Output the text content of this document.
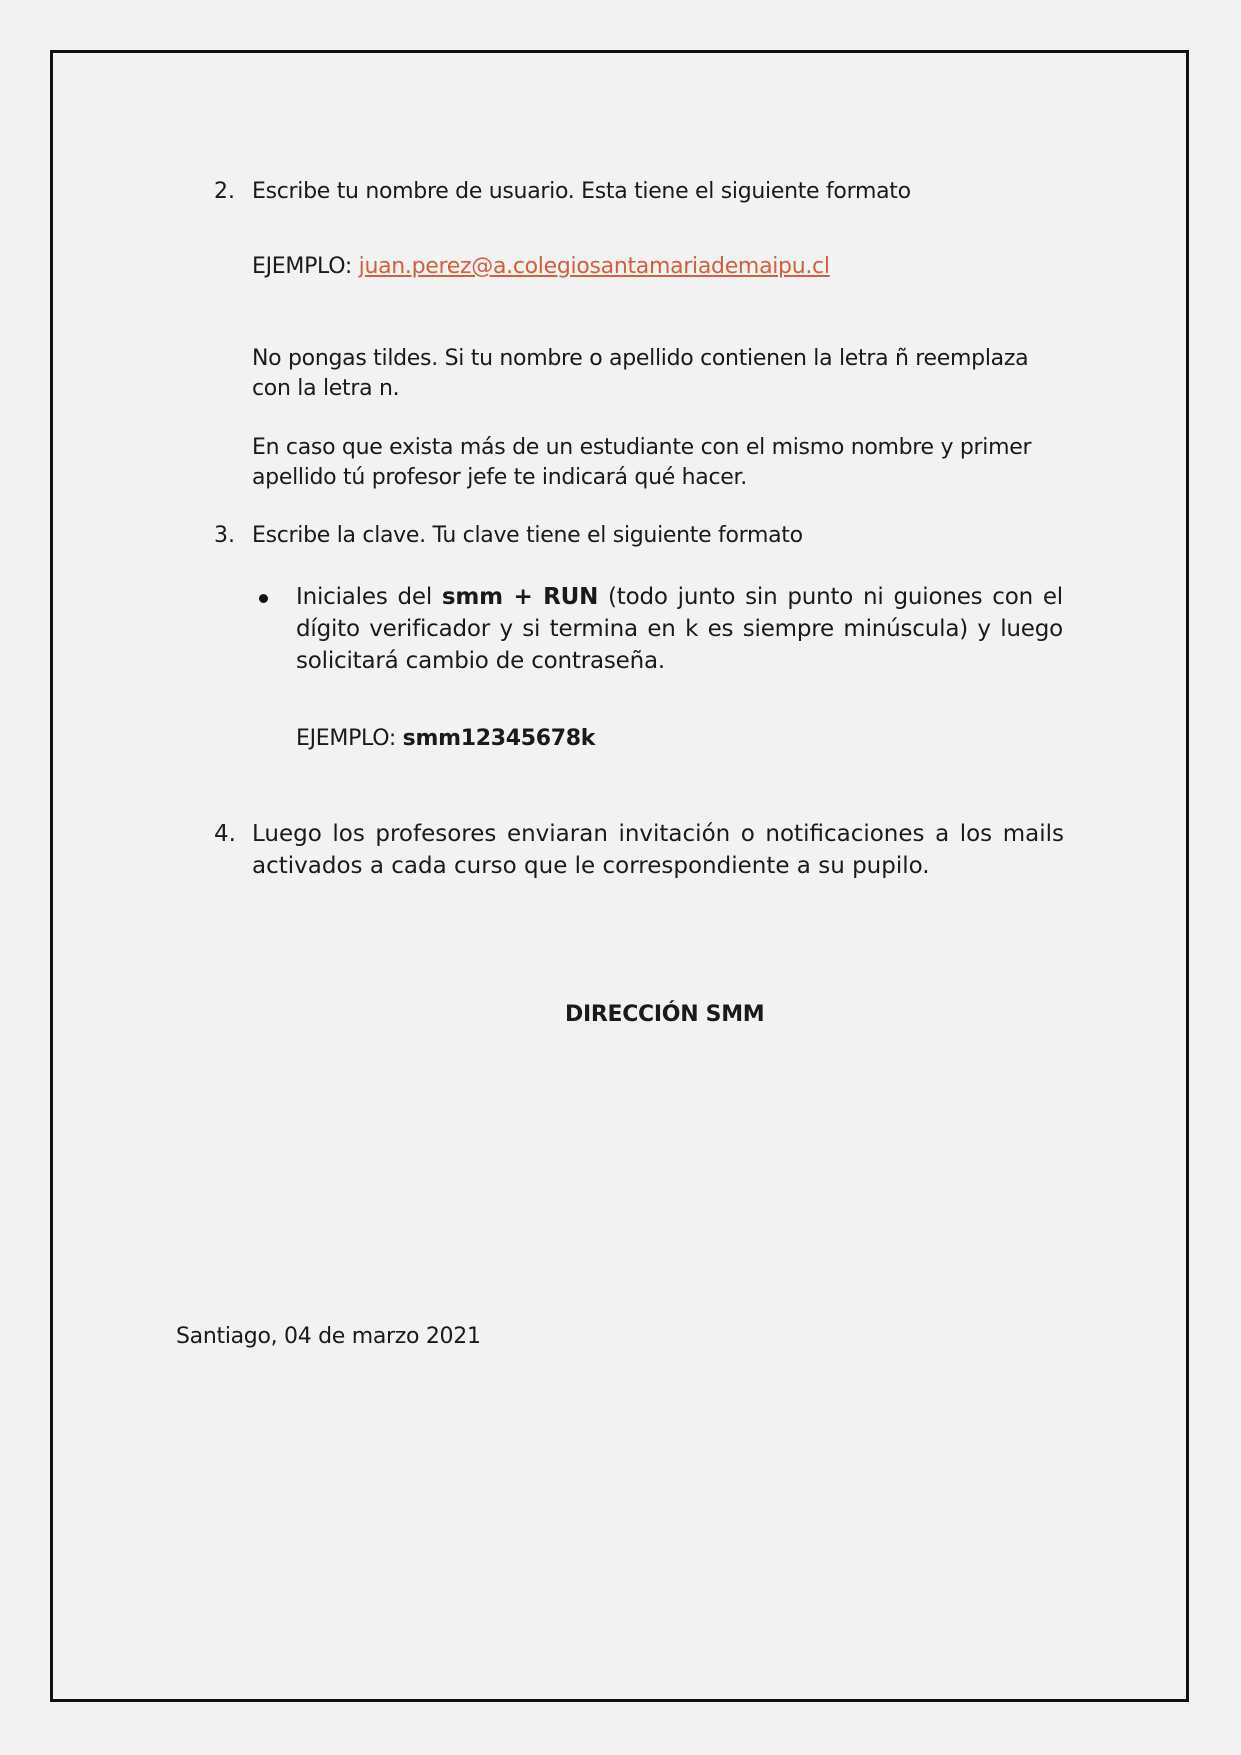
2. Escribe tu nombre de usuario. Esta tiene el siguiente formato
EJEMPLO: juan.perez@a.colegiosantamariademaipu.cl
No pongas tildes. Si tu nombre o apellido contienen la letra ñ reemplaza
con la letra n.
En caso que exista más de un estudiante con el mismo nombre y primer
apellido tú profesor jefe te indicará qué hacer.
3. Escribe la clave. Tu clave tiene el siguiente formato
Iniciales del smm + RUN (todo junto sin punto ni guiones con el dígito verificador y si termina en k es siempre minúscula) y luego solicitará cambio de contraseña.
EJEMPLO: smm12345678k
4. Luego los profesores enviaran invitación o notificaciones a los mails activados a cada curso que le correspondiente a su pupilo.
DIRECCIÓN SMM
Santiago, 04 de marzo 2021
